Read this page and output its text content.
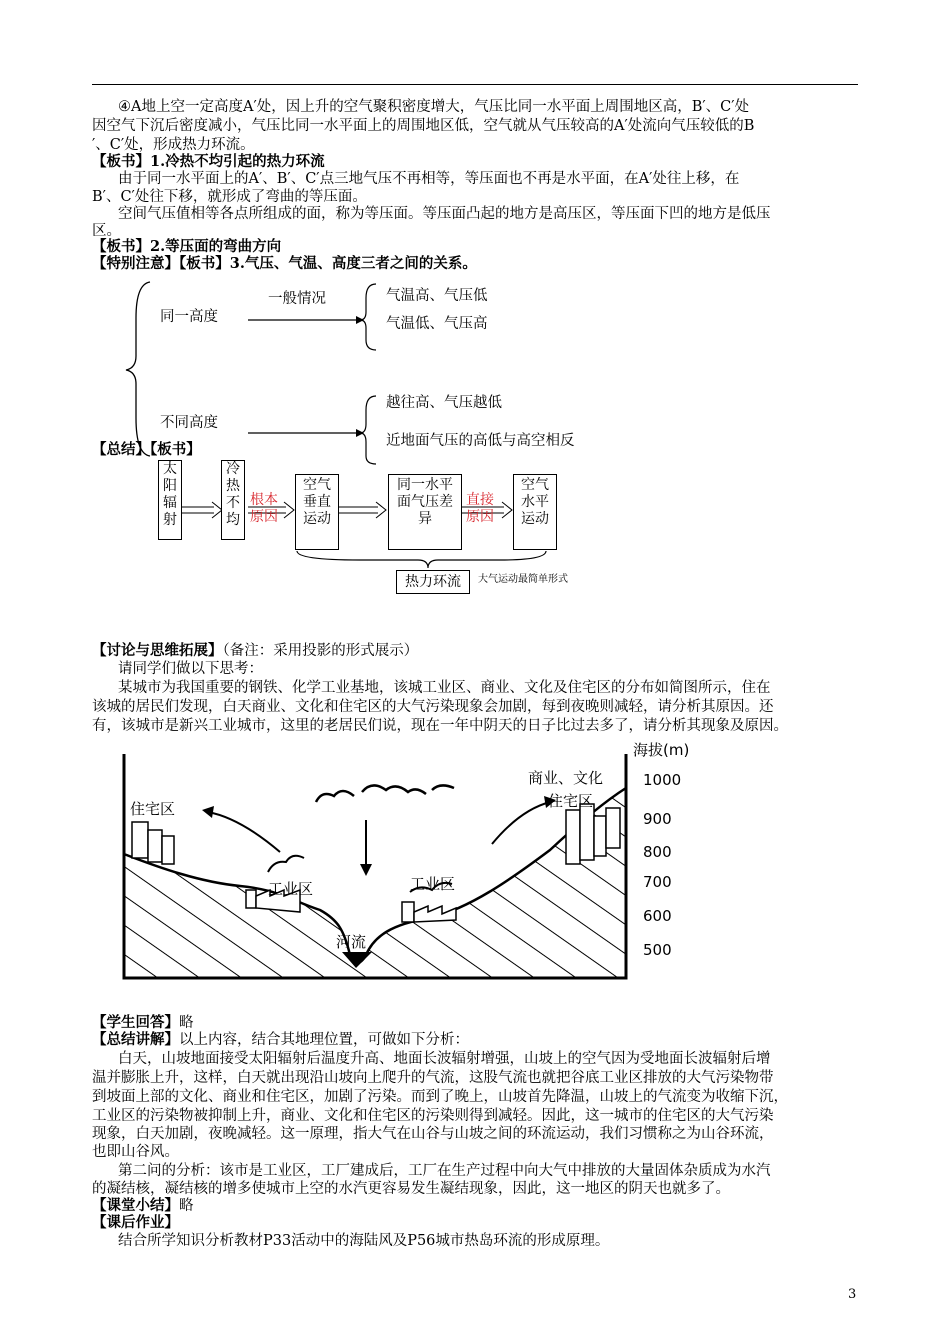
④A地上空一定高度A′处，因上升的空气聚积密度增大，气压比同一水平面上周围地区高，B′、C′处
因空气下沉后密度减小，气压比同一水平面上的周围地区低，空气就从气压较高的A′处流向气压较低的B
′、C′处，形成热力环流。
【板书】1.冷热不均引起的热力环流
由于同一水平面上的A′、B′、C′点三地气压不再相等，等压面也不再是水平面，在A′处往上移，在
B′、C′处往下移，就形成了弯曲的等压面。
空间气压值相等各点所组成的面，称为等压面。等压面凸起的地方是高压区，等压面下凹的地方是低压
区。
【板书】2.等压面的弯曲方向
【特别注意】【板书】3.气压、气温、高度三者之间的关系。
同一高度
一般情况	气温高、气压低
气温低、气压高
不同高度
越往高、气压越低
近地面气压的高低与高空相反
【总结】【板书】
太
阳
辐
射
冷
热
不
均
根本
原因
空气
垂直
运动
同一水平
面气压差
异
直接
原因
空气
水平
运动
热力环流	大气运动最简单形式
【讨论与思维拓展】（备注：采用投影的形式展示）
请同学们做以下思考：
某城市为我国重要的钢铁、化学工业基地，该城工业区、商业、文化及住宅区的分布如简图所示，住在
该城的居民们发现，白天商业、文化和住宅区的大气污染现象会加剧，每到夜晚则减轻，请分析其原因。还
有，该城市是新兴工业城市，这里的老居民们说，现在一年中阴天的日子比过去多了，请分析其现象及原因。
住宅区
商业、文化
住宅区
工业区	工业区
河流
海拔(m)
1000
900
800
700
600
500
【学生回答】略
【总结讲解】以上内容，结合其地理位置，可做如下分析：
白天，山坡地面接受太阳辐射后温度升高、地面长波辐射增强，山坡上的空气因为受地面长波辐射后增
温并膨胀上升，这样，白天就出现沿山坡向上爬升的气流，这股气流也就把谷底工业区排放的大气污染物带
到坡面上部的文化、商业和住宅区，加剧了污染。而到了晚上，山坡首先降温，山坡上的气流变为收缩下沉，
工业区的污染物被抑制上升，商业、文化和住宅区的污染则得到减轻。因此，这一城市的住宅区的大气污染
现象，白天加剧，夜晚减轻。这一原理，指大气在山谷与山坡之间的环流运动，我们习惯称之为山谷环流，
也即山谷风。
第二问的分析：该市是工业区，工厂建成后，工厂在生产过程中向大气中排放的大量固体杂质成为水汽
的凝结核，凝结核的增多使城市上空的水汽更容易发生凝结现象，因此，这一地区的阴天也就多了。
【课堂小结】略
【课后作业】
结合所学知识分析教材P33活动中的海陆风及P56城市热岛环流的形成原理。
3
